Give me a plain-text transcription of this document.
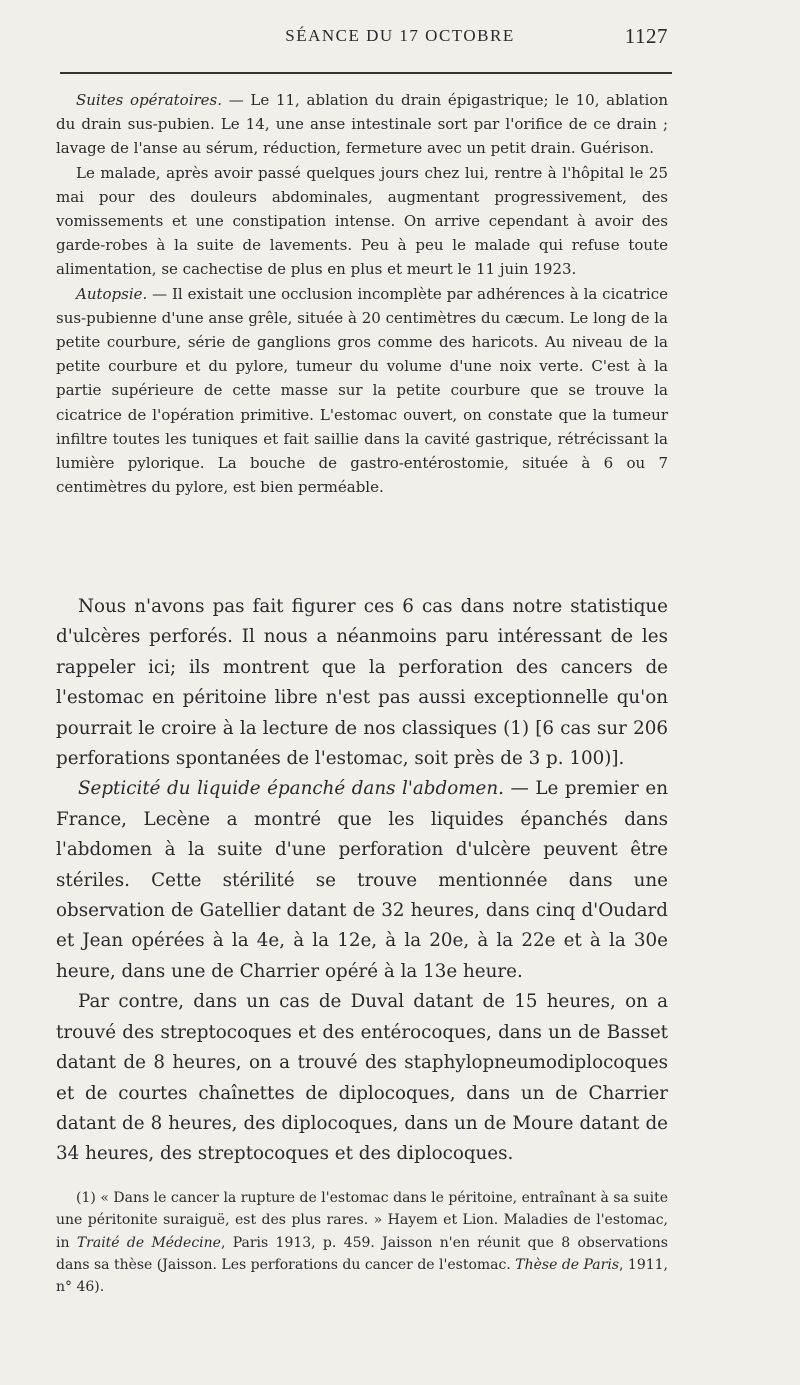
SÉANCE DU 17 OCTOBRE	1127

Suites opératoires. — Le 11, ablation du drain épigastrique; le 10, ablation du drain sus-pubien. Le 14, une anse intestinale sort par l'orifice de ce drain ; lavage de l'anse au sérum, réduction, fermeture avec un petit drain. Guérison.

Le malade, après avoir passé quelques jours chez lui, rentre à l'hôpital le 25 mai pour des douleurs abdominales, augmentant progressivement, des vomissements et une constipation intense. On arrive cependant à avoir des garde-robes à la suite de lavements. Peu à peu le malade qui refuse toute alimentation, se cachectise de plus en plus et meurt le 11 juin 1923.

Autopsie. — Il existait une occlusion incomplète par adhérences à la cicatrice sus-pubienne d'une anse grêle, située à 20 centimètres du cæcum. Le long de la petite courbure, série de ganglions gros comme des haricots. Au niveau de la petite courbure et du pylore, tumeur du volume d'une noix verte. C'est à la partie supérieure de cette masse sur la petite courbure que se trouve la cicatrice de l'opération primitive. L'estomac ouvert, on constate que la tumeur infiltre toutes les tuniques et fait saillie dans la cavité gastrique, rétrécissant la lumière pylorique. La bouche de gastro-entérostomie, située à 6 ou 7 centimètres du pylore, est bien perméable.

Nous n'avons pas fait figurer ces 6 cas dans notre statistique d'ulcères perforés. Il nous a néanmoins paru intéressant de les rappeler ici; ils montrent que la perforation des cancers de l'estomac en péritoine libre n'est pas aussi exceptionnelle qu'on pourrait le croire à la lecture de nos classiques (1) [6 cas sur 206 perforations spontanées de l'estomac, soit près de 3 p. 100)].

Septicité du liquide épanché dans l'abdomen. — Le premier en France, Lecène a montré que les liquides épanchés dans l'abdomen à la suite d'une perforation d'ulcère peuvent être stériles. Cette stérilité se trouve mentionnée dans une observation de Gatellier datant de 32 heures, dans cinq d'Oudard et Jean opérées à la 4e, à la 12e, à la 20e, à la 22e et à la 30e heure, dans une de Charrier opéré à la 13e heure.

Par contre, dans un cas de Duval datant de 15 heures, on a trouvé des streptocoques et des entérocoques, dans un de Basset datant de 8 heures, on a trouvé des staphylopneumodiplocoques et de courtes chaînettes de diplocoques, dans un de Charrier datant de 8 heures, des diplocoques, dans un de Moure datant de 34 heures, des streptocoques et des diplocoques.

(1) « Dans le cancer la rupture de l'estomac dans le péritoine, entraînant à sa suite une péritonite suraiguë, est des plus rares. » Hayem et Lion. Maladies de l'estomac, in Traité de Médecine, Paris 1913, p. 459. Jaisson n'en réunit que 8 observations dans sa thèse (Jaisson. Les perforations du cancer de l'estomac. Thèse de Paris, 1911, n° 46).
